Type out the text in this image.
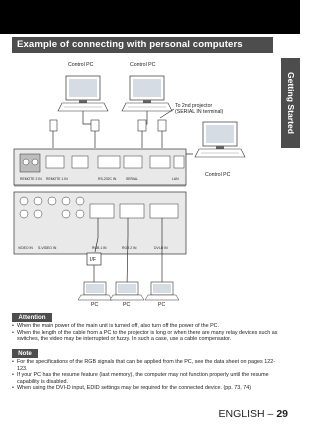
Example of connecting with personal computers
Getting Started
Control PC	Control PC
To 2nd projector
(SERIAL IN terminal)
Control PC
REMOTE 2 IN REMOTE 1 IN	RS-232C IN	SERIAL	LAN
VIDEO IN S-VIDEO IN	RGB 1 IN	RGB 2 IN	DVI-D IN
I/F
PC	PC	PC
Attention
• When the main power of the main unit is turned off, also turn off the power of the PC.
• When the length of the cable from a PC to the projector is long or when there are many relay devices such as switches, the video may be interrupted or fuzzy. In such a case, use a cable compensator.
Note
• For the specifications of the RGB signals that can be applied from the PC, see the data sheet on pages 122-123.
• If your PC has the resume feature (last memory), the computer may not function properly until the resume capability is disabled.
• When using the DVI-D input, EDID settings may be required for the connected device. (pp. 73, 74)
ENGLISH – 29
